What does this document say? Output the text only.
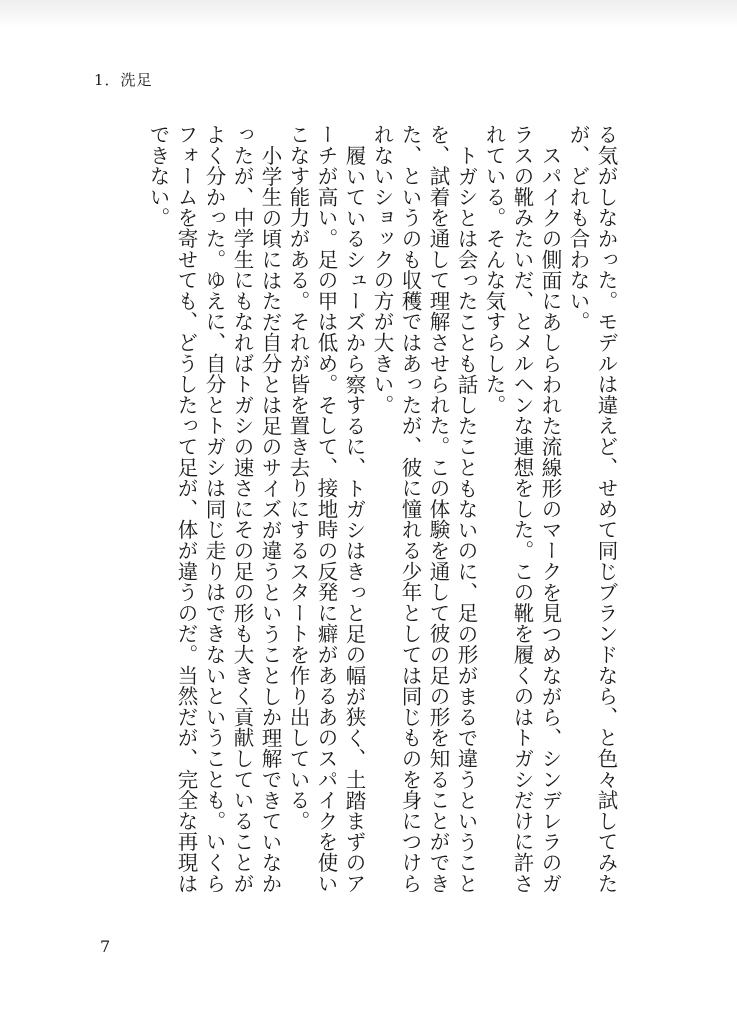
1．洗足

る気がしなかった。モデルは違えど、せめて同じブランドなら、と色々試してみたが、どれも合わない。

スパイクの側面にあしらわれた流線形のマークを見つめながら、シンデレラのガラスの靴みたいだ、とメルヘンな連想をした。この靴を履くのはトガシだけに許されている。そんな気すらした。

トガシとは会ったことも話したこともないのに、足の形がまるで違うということを、試着を通して理解させられた。この体験を通して彼の足の形を知ることができた、というのも収穫ではあったが、彼に憧れる少年としては同じものを身につけられないショックの方が大きい。

履いているシューズから察するに、トガシはきっと足の幅が狭く、土踏まずのアーチが高い。足の甲は低め。そして、接地時の反発に癖があるあのスパイクを使いこなす能力がある。それが皆を置き去りにするスタートを作り出している。

小学生の頃にはただ自分とは足のサイズが違うということしか理解できていなかったが、中学生にもなればトガシの速さにその足の形も大きく貢献していることがよく分かった。ゆえに、自分とトガシは同じ走りはできないということも。いくらフォームを寄せても、どうしたって足が、体が違うのだ。当然だが、完全な再現はできない。

7
